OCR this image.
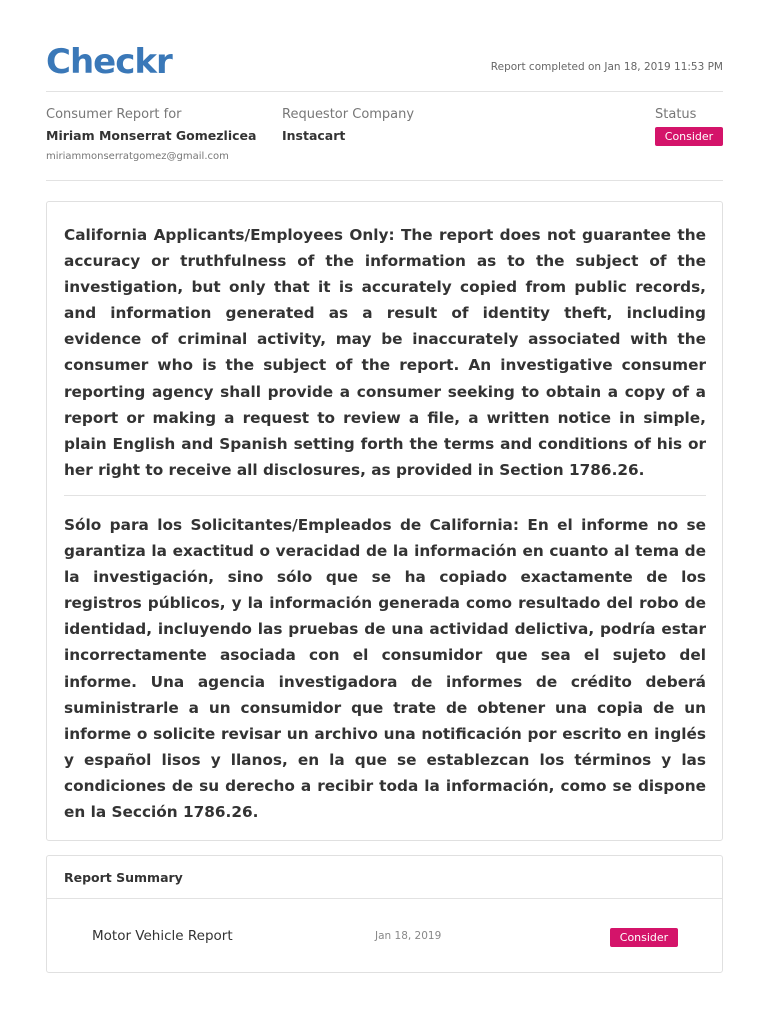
Checkr	Report completed on Jan 18, 2019 11:53 PM
Consumer Report for
Miriam Monserrat Gomezlicea
miriammonserratgomez@gmail.com
Requestor Company
Instacart
Status
Consider

California Applicants/Employees Only: The report does not guarantee the accuracy or truthfulness of the information as to the subject of the investigation, but only that it is accurately copied from public records, and information generated as a result of identity theft, including evidence of criminal activity, may be inaccurately associated with the consumer who is the subject of the report. An investigative consumer reporting agency shall provide a consumer seeking to obtain a copy of a report or making a request to review a file, a written notice in simple, plain English and Spanish setting forth the terms and conditions of his or her right to receive all disclosures, as provided in Section 1786.26.

Sólo para los Solicitantes/Empleados de California: En el informe no se garantiza la exactitud o veracidad de la información en cuanto al tema de la investigación, sino sólo que se ha copiado exactamente de los registros públicos, y la información generada como resultado del robo de identidad, incluyendo las pruebas de una actividad delictiva, podría estar incorrectamente asociada con el consumidor que sea el sujeto del informe. Una agencia investigadora de informes de crédito deberá suministrarle a un consumidor que trate de obtener una copia de un informe o solicite revisar un archivo una notificación por escrito en inglés y español lisos y llanos, en la que se establezcan los términos y las condiciones de su derecho a recibir toda la información, como se dispone en la Sección 1786.26.

Report Summary
Motor Vehicle Report	Jan 18, 2019	Consider
